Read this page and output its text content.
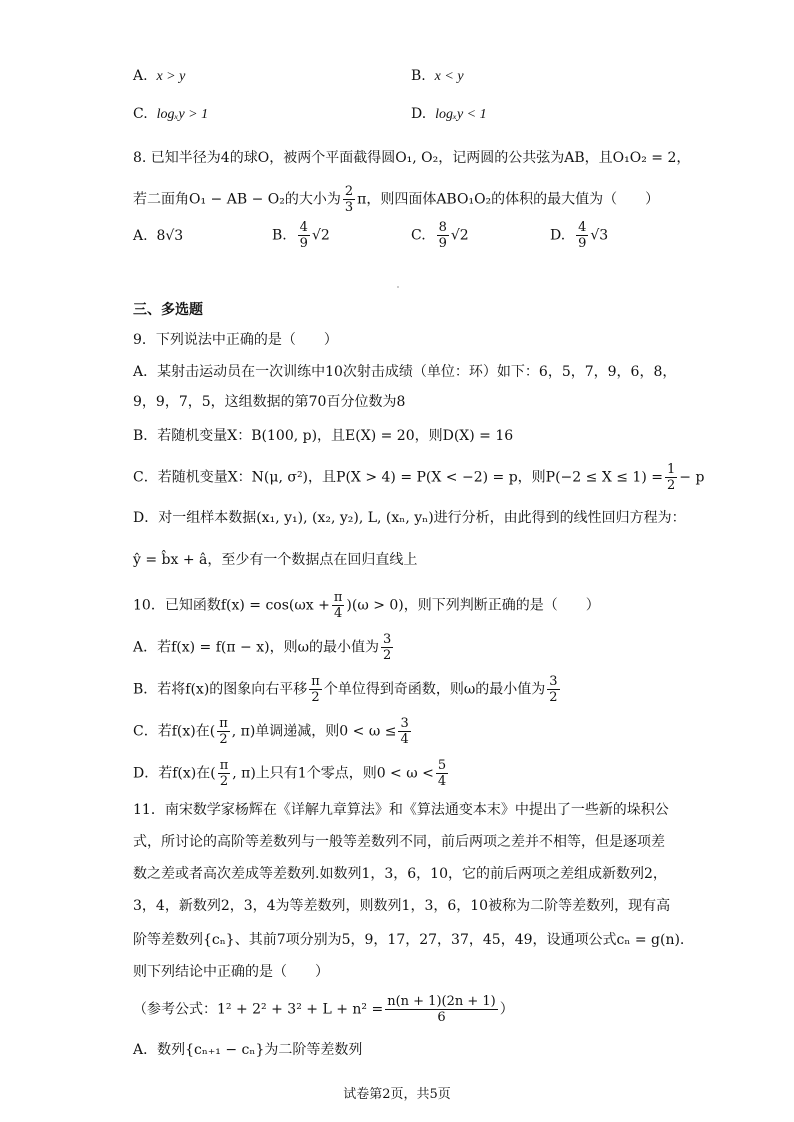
A. x > y	B. x < y
C. logₓy > 1	D. logₓy < 1
8. 已知半径为4的球O，被两个平面截得圆O₁, O₂，记两圆的公共弦为AB，且O₁O₂ = 2，
若二面角O₁ − AB − O₂的大小为 $\frac{2}{3}$ π，则四面体ABO₁O₂的体积的最大值为（　　）
A. 8√3	B. $\frac{4}{9} √2$	C. $\frac{8}{9} √2$	D. $\frac{4}{9} √3$
三、多选题
9．下列说法中正确的是（　　）
A．某射击运动员在一次训练中10次射击成绩（单位：环）如下：6，5，7，9，6，8，
9，9，7，5，这组数据的第70百分位数为8
B．若随机变量X：B(100, p)，且E(X) = 20，则D(X) = 16
C．若随机变量X：N(μ, σ²)，且P(X > 4) = P(X < −2) = p，则$P(-2 \le X \le 1) = \frac{1}{2} - p$
D．对一组样本数据(x₁, y₁), (x₂, y₂), L, (xₙ, yₙ)进行分析，由此得到的线性回归方程为：
ŷ = b̂x + â，至少有一个数据点在回归直线上
10．已知函数$f(x) = \cos(\omega x + \frac{\pi}{4} )(\omega > 0)$，则下列判断正确的是（　　）
A．若f(x) = f(π − x)，则ω的最小值为 $\frac{3}{2}$
B．若将f(x)的图象向右平移 $\frac{\pi}{2}$ 个单位得到奇函数，则ω的最小值为 $\frac{3}{2}$
C．若f(x)在( $\frac{\pi}{2}$ , π)单调递减，则$0 < \omega \le \frac{3}{4}$
D．若f(x)在( $\frac{\pi}{2}$ , π)上只有1个零点，则$0 < \omega < \frac{5}{4}$
11．南宋数学家杨辉在《详解九章算法》和《算法通变本末》中提出了一些新的垛积公
式，所讨论的高阶等差数列与一般等差数列不同，前后两项之差并不相等，但是逐项差
数之差或者高次差成等差数列.如数列1，3，6，10，它的前后两项之差组成新数列2，
3，4，新数列2，3，4为等差数列，则数列1，3，6，10被称为二阶等差数列，现有高
阶等差数列{cₙ}、其前7项分别为5，9，17，27，37，45，49，设通项公式cₙ = g(n).
则下列结论中正确的是（　　）
（参考公式：$1^2 + 2^2 + 3^2 + L + n^2 = \frac{n(n + 1)(2n + 1)}{6}$ ）
A．数列{cₙ₊₁ − cₙ}为二阶等差数列
试卷第2页，共5页
